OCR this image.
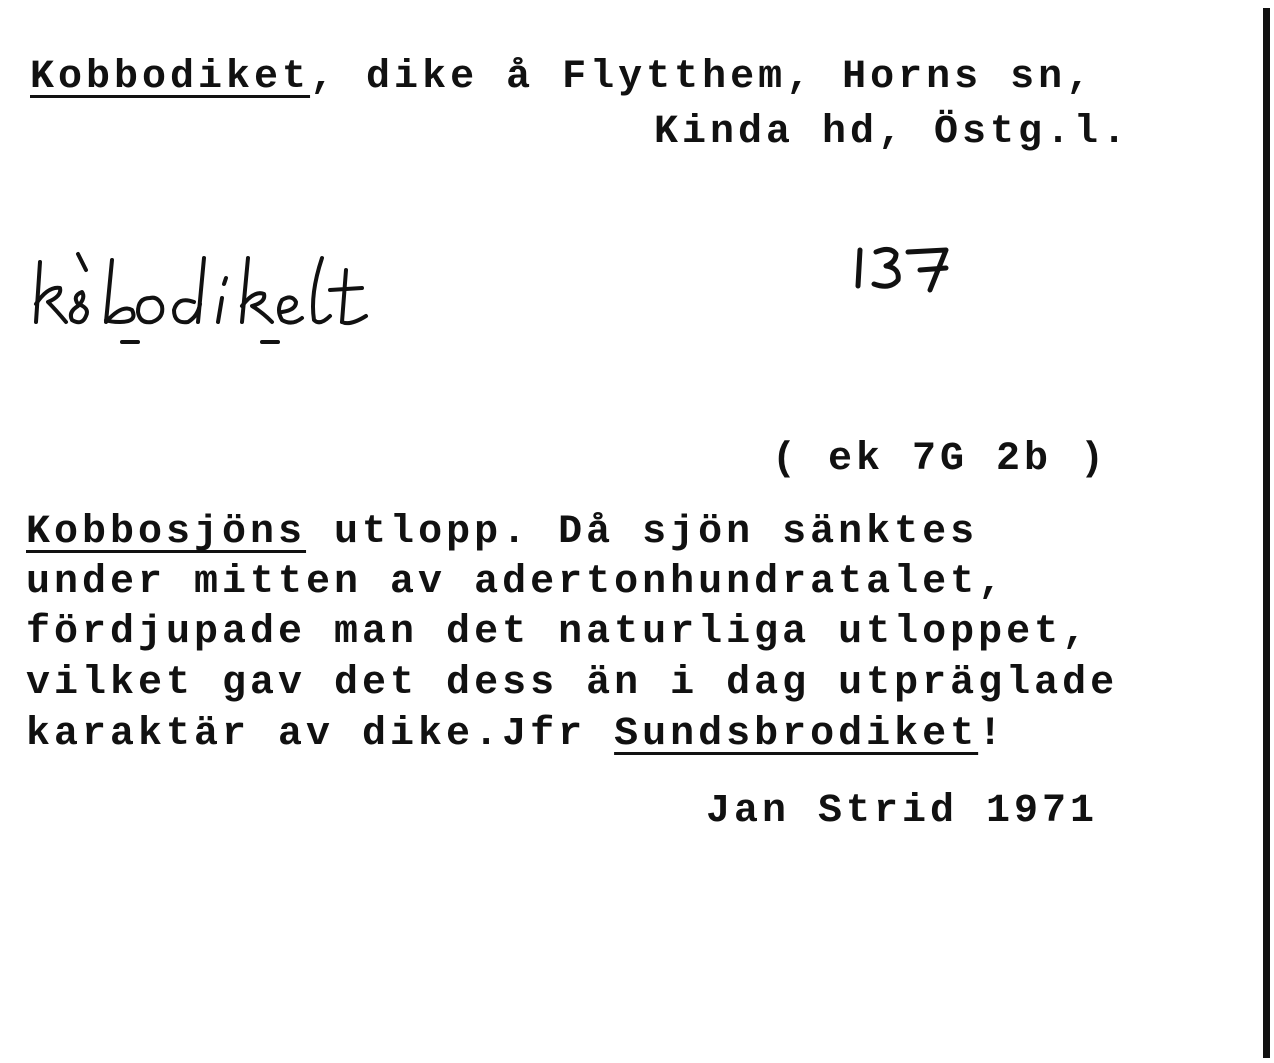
Kobbodiket, dike å Flytthem, Horns sn,
Kinda hd, Östg.l.
( ek 7G 2b )
Kobbosjöns utlopp. Då sjön sänktes
under mitten av adertonhundratalet,
fördjupade man det naturliga utloppet,
vilket gav det dess än i dag utpräglade
karaktär av dike.Jfr Sundsbrodiket!
Jan Strid 1971
